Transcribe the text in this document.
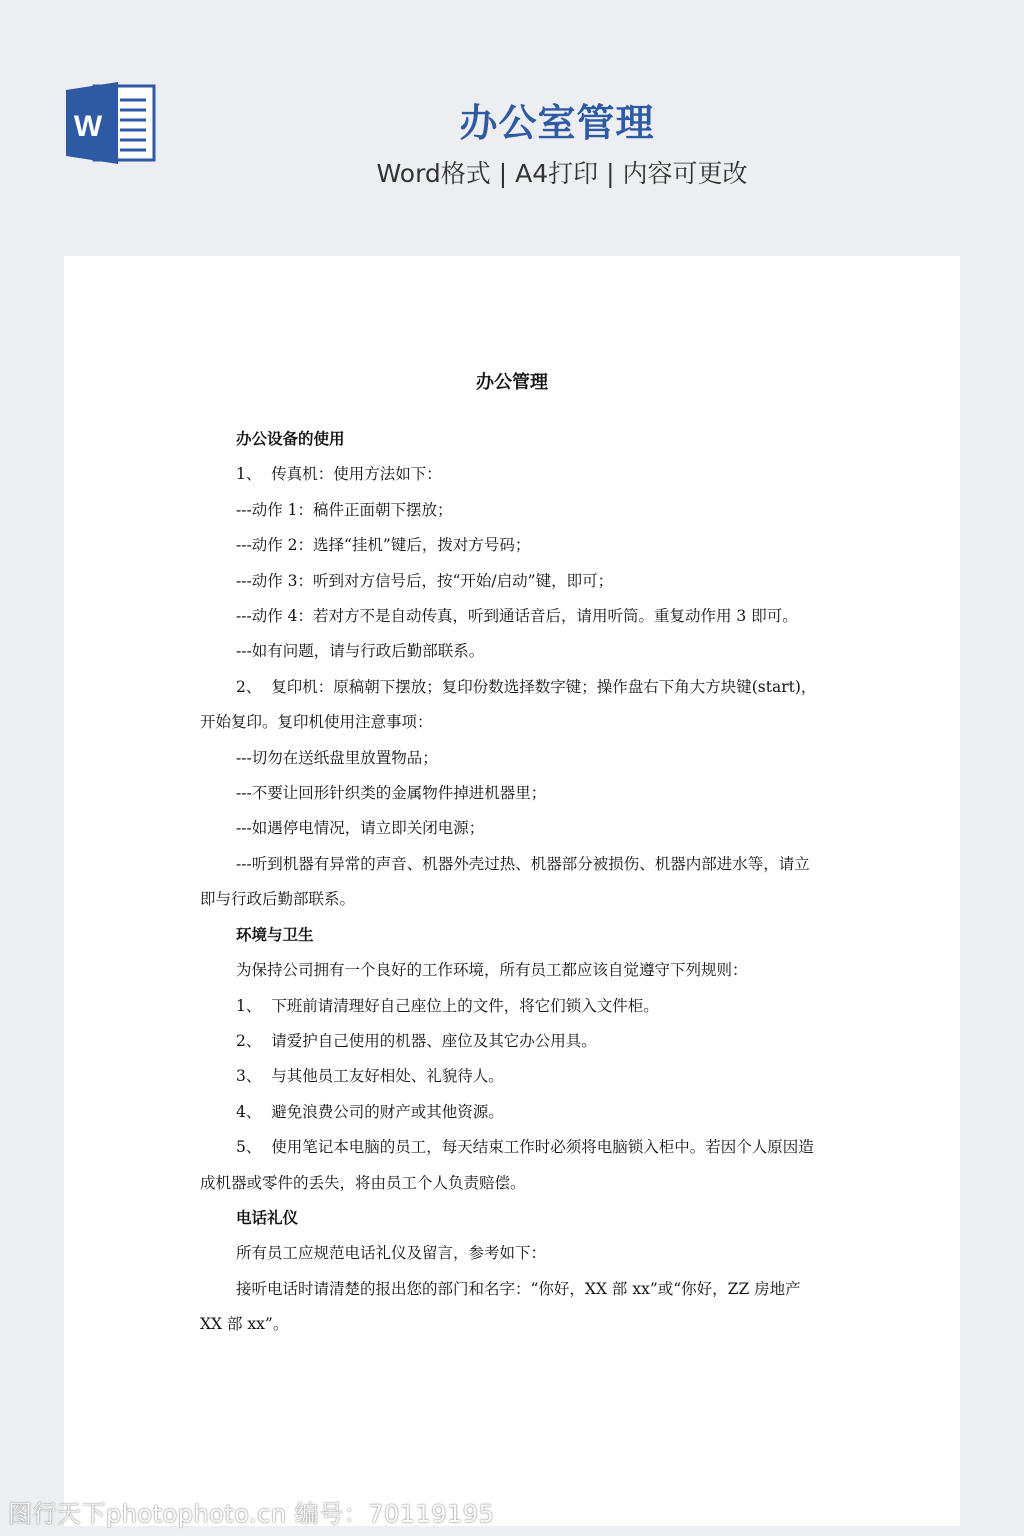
W	办公室管理
Word格式 | A4打印 | 内容可更改
办公管理

办公设备的使用

1、  传真机：使用方法如下：

---动作 1：稿件正面朝下摆放；

---动作 2：选择“挂机”键后，拨对方号码；

---动作 3：听到对方信号后，按“开始/启动”键，即可；

---动作 4：若对方不是自动传真，听到通话音后，请用听筒。重复动作用 3 即可。

---如有问题，请与行政后勤部联系。

2、  复印机：原稿朝下摆放；复印份数选择数字键；操作盘右下角大方块键(start)，开始复印。复印机使用注意事项：

---切勿在送纸盘里放置物品；

---不要让回形针织类的金属物件掉进机器里；

---如遇停电情况，请立即关闭电源；

---听到机器有异常的声音、机器外壳过热、机器部分被损伤、机器内部进水等，请立即与行政后勤部联系。

环境与卫生

为保持公司拥有一个良好的工作环境，所有员工都应该自觉遵守下列规则：

1、  下班前请清理好自己座位上的文件，将它们锁入文件柜。

2、  请爱护自己使用的机器、座位及其它办公用具。

3、  与其他员工友好相处、礼貌待人。

4、  避免浪费公司的财产或其他资源。

5、  使用笔记本电脑的员工，每天结束工作时必须将电脑锁入柜中。若因个人原因造成机器或零件的丢失，将由员工个人负责赔偿。

电话礼仪

所有员工应规范电话礼仪及留言，参考如下：

接听电话时请清楚的报出您的部门和名字：“你好，XX 部 xx”或“你好，ZZ 房地产 XX 部 xx”。

图行天下photophoto.cn 编号：70119195
